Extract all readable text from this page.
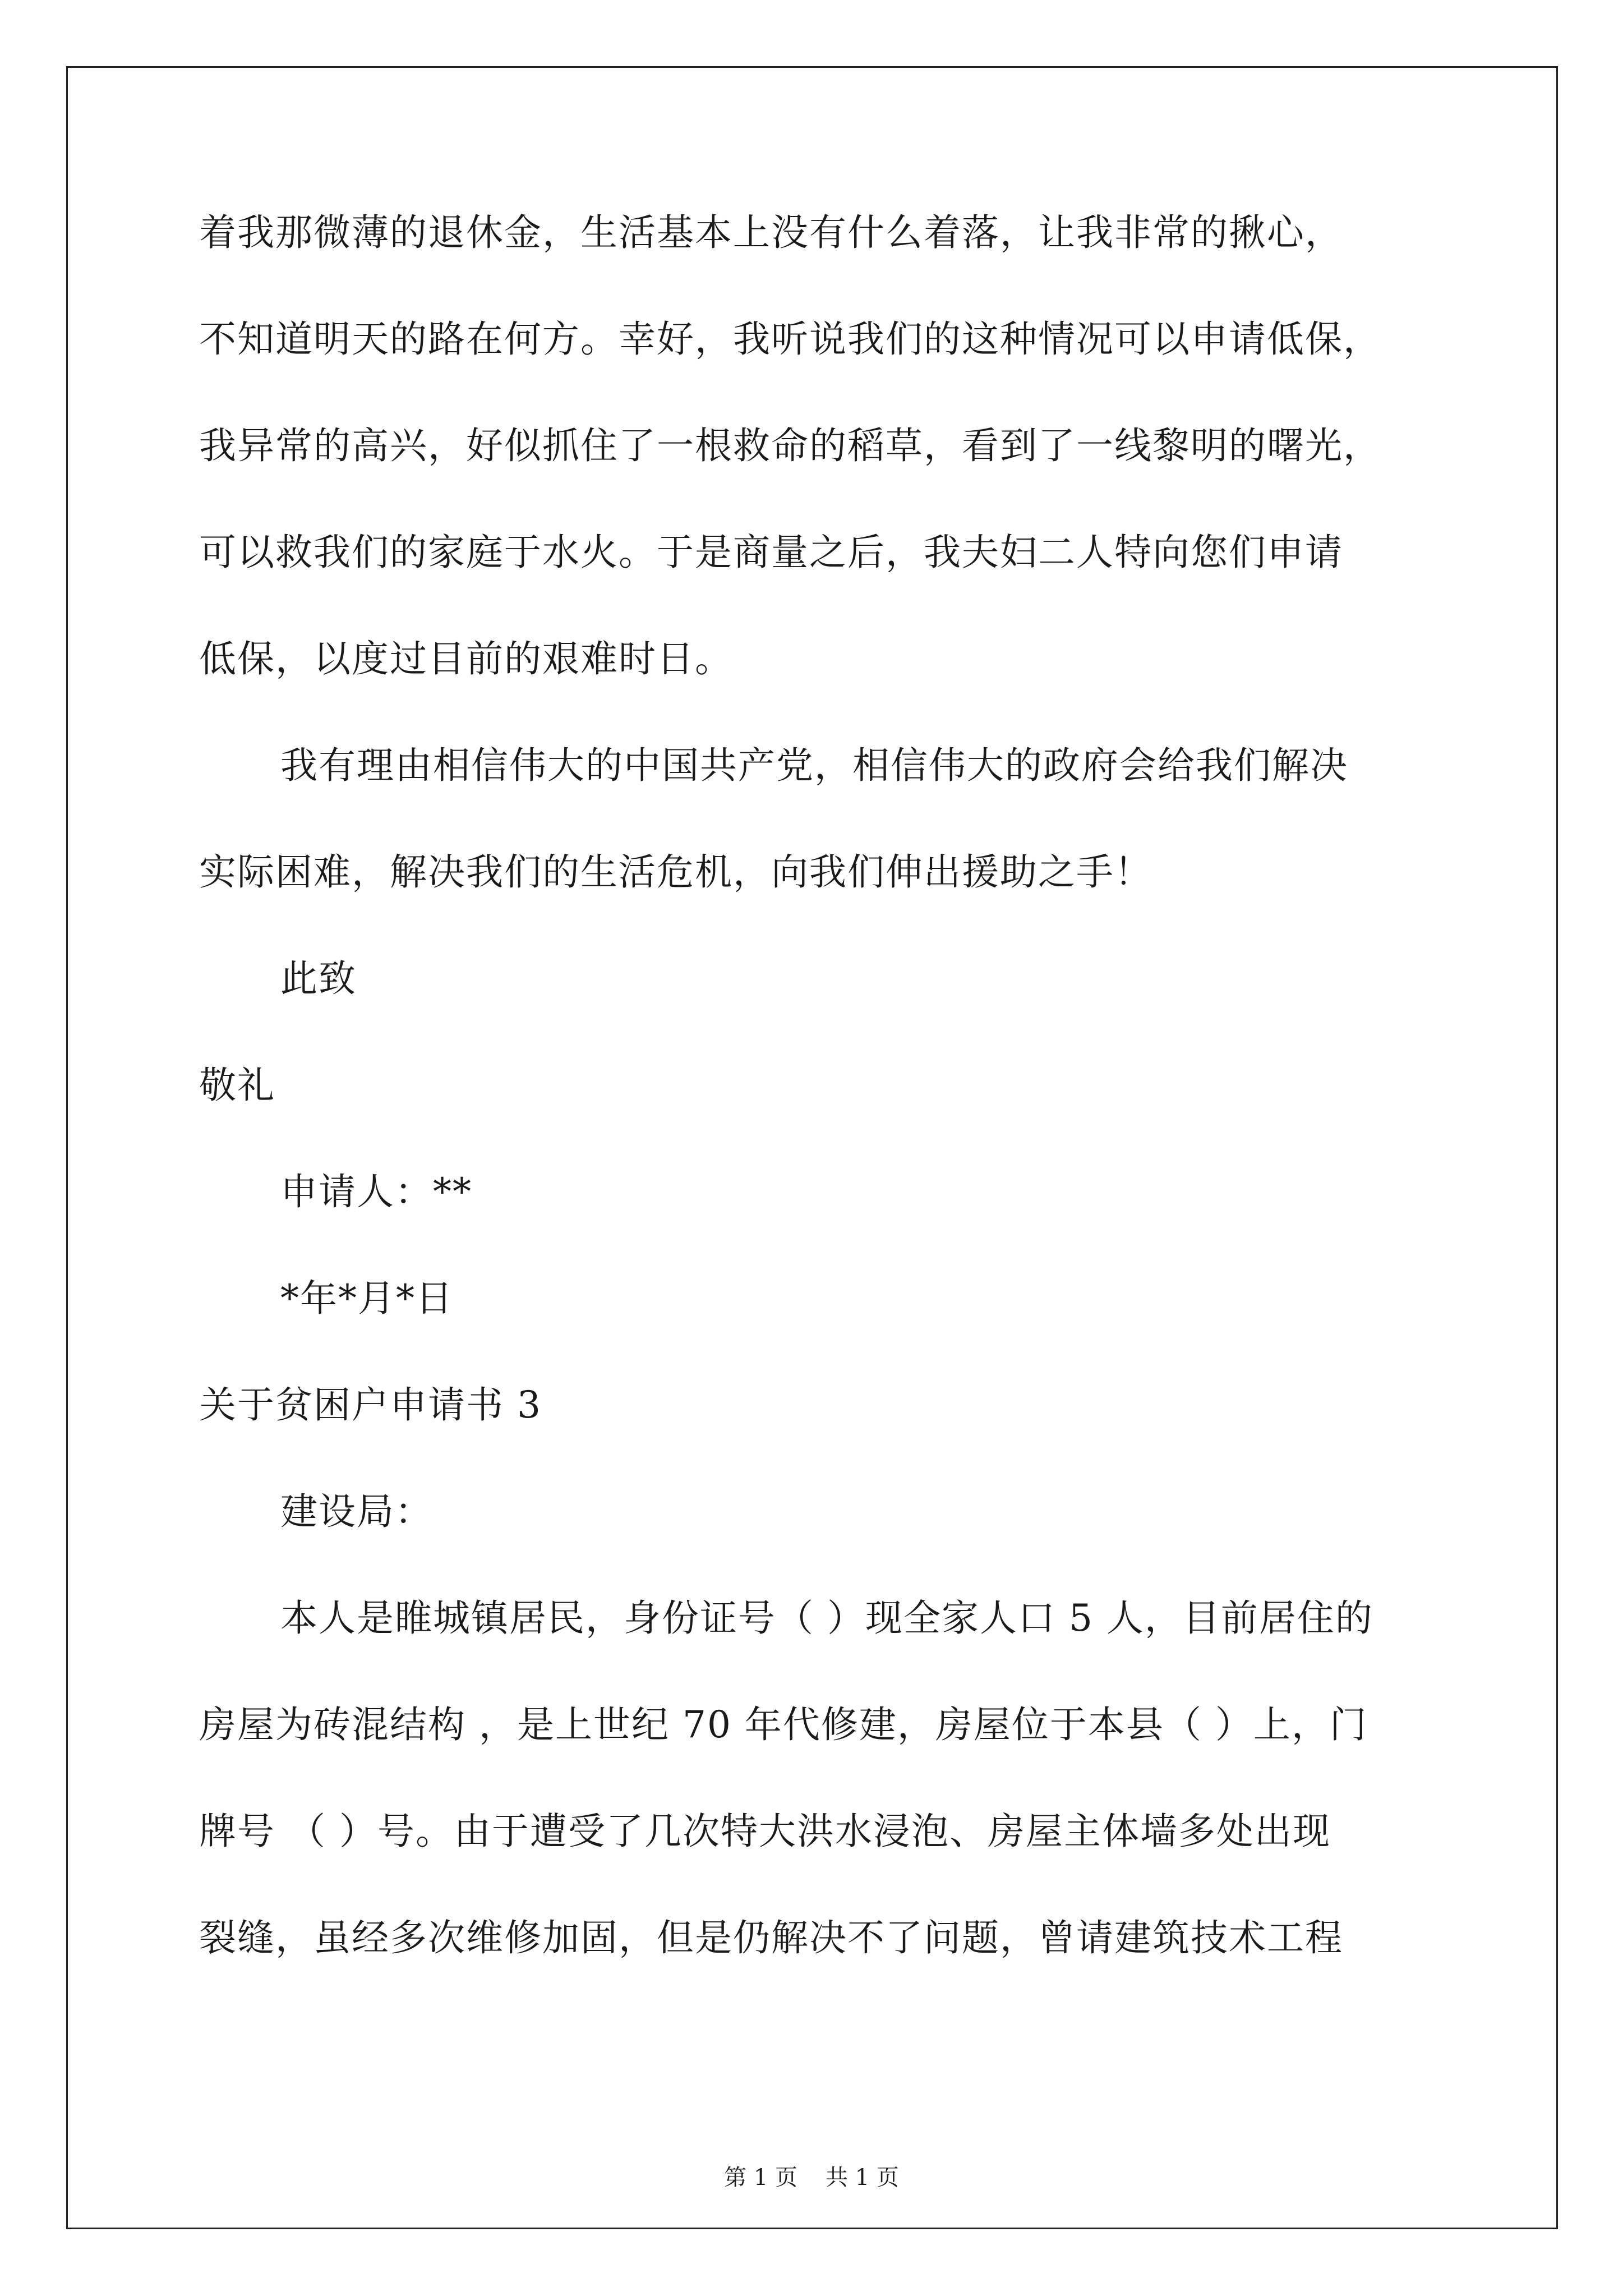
着我那微薄的退休金，生活基本上没有什么着落，让我非常的揪心，
不知道明天的路在何方。幸好，我听说我们的这种情况可以申请低保，
我异常的高兴，好似抓住了一根救命的稻草，看到了一线黎明的曙光，
可以救我们的家庭于水火。于是商量之后，我夫妇二人特向您们申请
低保，以度过目前的艰难时日。
我有理由相信伟大的中国共产党，相信伟大的政府会给我们解决
实际困难，解决我们的生活危机，向我们伸出援助之手！
此致
敬礼
申请人：**
*年*月*日
关于贫困户申请书 3
建设局：
本人是睢城镇居民，身份证号（ ）现全家人口 5 人，目前居住的
房屋为砖混结构 ，是上世纪 70 年代修建，房屋位于本县（ ）上，门
牌号 （ ）号。由于遭受了几次特大洪水浸泡、房屋主体墙多处出现
裂缝，虽经多次维修加固，但是仍解决不了问题，曾请建筑技术工程
第 1 页 共 1 页
